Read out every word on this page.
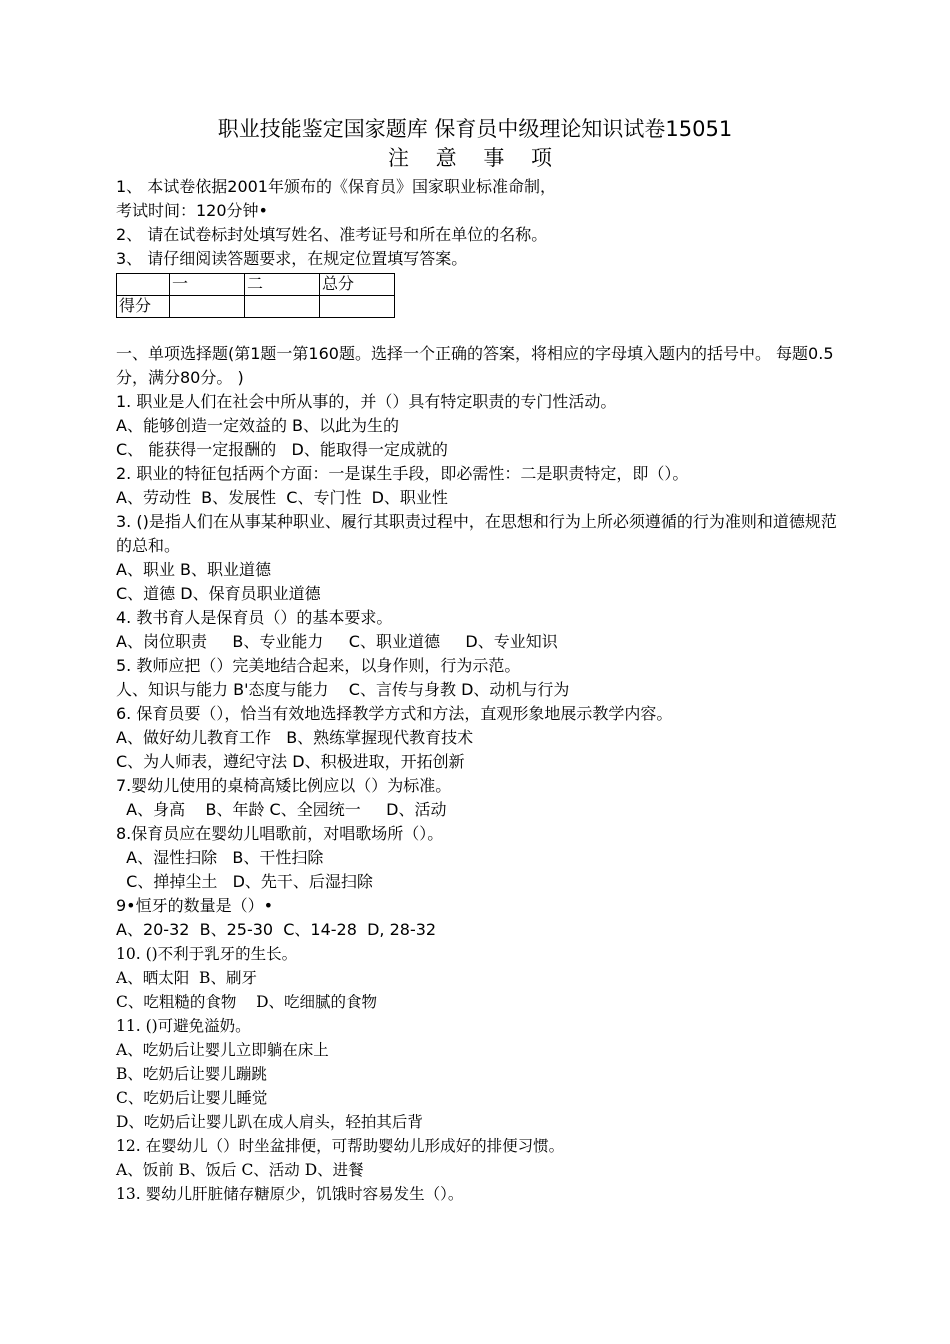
职业技能鉴定国家题库 保育员中级理论知识试卷15051
注 意 事 项
1、 本试卷依据2001年颁布的《保育员》国家职业标准命制，
考试时间：120分钟•
2、 请在试卷标封处填写姓名、准考证号和所在单位的名称。
3、 请仔细阅读答题要求，在规定位置填写答案。
	一	二	总分
得分			
一、单项选择题(第1题一第160题。选择一个正确的答案，将相应的字母填入题内的括号中。 每题0.5分，满分80分。 )
1. 职业是人们在社会中所从事的，并（）具有特定职责的专门性活动。
A、能够创造一定效益的 B、以此为生的
C、 能获得一定报酬的   D、能取得一定成就的
2. 职业的特征包括两个方面：一是谋生手段，即必需性：二是职责特定，即（）。
A、劳动性  B、发展性  C、专门性  D、职业性
3. ()是指人们在从事某种职业、履行其职责过程中，在思想和行为上所必须遵循的行为准则和道德规范的总和。
A、职业 B、职业道德
C、道德 D、保育员职业道德
4. 教书育人是保育员（）的基本要求。
A、岗位职责     B、专业能力     C、职业道德     D、专业知识
5. 教师应把（）完美地结合起来，以身作则，行为示范。
人、知识与能力 B'态度与能力    C、言传与身教 D、动机与行为
6. 保育员要（），恰当有效地选择教学方式和方法，直观形象地展示教学内容。
A、做好幼儿教育工作   B、熟练掌握现代教育技术
C、为人师表，遵纪守法 D、积极进取，开拓创新
7.婴幼儿使用的桌椅高矮比例应以（）为标准。
A、身高    B、年龄 C、全园统一     D、活动
8.保育员应在婴幼儿唱歌前，对唱歌场所（）。
A、湿性扫除   B、干性扫除
C、掸掉尘土   D、先干、后湿扫除
9•恒牙的数量是（）•
A、20-32  B、25-30  C、14-28  D, 28-32
10. ()不利于乳牙的生长。
A、晒太阳  B、刷牙
C、吃粗糙的食物    D、吃细腻的食物
11. ()可避免溢奶。
A、吃奶后让婴儿立即躺在床上
B、吃奶后让婴儿蹦跳
C、吃奶后让婴儿睡觉
D、吃奶后让婴儿趴在成人肩头，轻拍其后背
12. 在婴幼儿（）时坐盆排便，可帮助婴幼儿形成好的排便习惯。
A、饭前 B、饭后 C、活动 D、进餐
13. 婴幼儿肝脏储存糖原少，饥饿时容易发生（）。
